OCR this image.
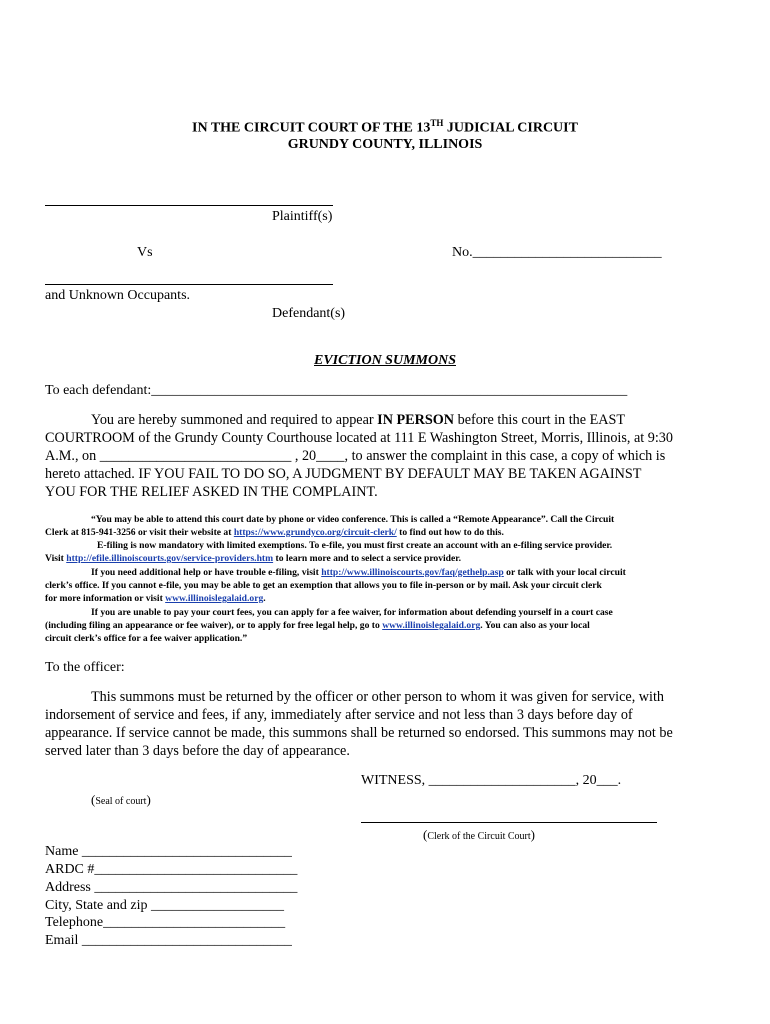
IN THE CIRCUIT COURT OF THE 13TH JUDICIAL CIRCUIT
GRUNDY COUNTY, ILLINOIS
Plaintiff(s)
Vs	No.___________________________
and Unknown Occupants.
Defendant(s)
EVICTION SUMMONS
To each defendant:____________________________________________________________________
You are hereby summoned and required to appear IN PERSON before this court in the EAST
COURTROOM of the Grundy County Courthouse located at 111 E Washington Street, Morris, Illinois, at 9:30
A.M., on ___________________________ , 20____, to answer the complaint in this case, a copy of which is
hereto attached. IF YOU FAIL TO DO SO, A JUDGMENT BY DEFAULT MAY BE TAKEN AGAINST
YOU FOR THE RELIEF ASKED IN THE COMPLAINT.
“You may be able to attend this court date by phone or video conference. This is called a “Remote Appearance”. Call the Circuit
Clerk at 815-941-3256 or visit their website at https://www.grundyco.org/circuit-clerk/ to find out how to do this.
E-filing is now mandatory with limited exemptions. To e-file, you must first create an account with an e-filing service provider.
Visit http://efile.illinoiscourts.gov/service-providers.htm to learn more and to select a service provider.
If you need additional help or have trouble e-filing, visit http://www.illinoiscourts.gov/faq/gethelp.asp or talk with your local circuit
clerk’s office. If you cannot e-file, you may be able to get an exemption that allows you to file in-person or by mail. Ask your circuit clerk
for more information or visit www.illinoislegalaid.org.
If you are unable to pay your court fees, you can apply for a fee waiver, for information about defending yourself in a court case
(including filing an appearance or fee waiver), or to apply for free legal help, go to www.illinoislegalaid.org. You can also as your local
circuit clerk’s office for a fee waiver application.”
To the officer:
This summons must be returned by the officer or other person to whom it was given for service, with
indorsement of service and fees, if any, immediately after service and not less than 3 days before day of
appearance. If service cannot be made, this summons shall be returned so endorsed. This summons may not be
served later than 3 days before the day of appearance.
WITNESS, _____________________, 20___.
(Seal of court)
(Clerk of the Circuit Court)
Name ______________________________
ARDC #_____________________________
Address _____________________________
City, State and zip ___________________
Telephone__________________________
Email ______________________________
